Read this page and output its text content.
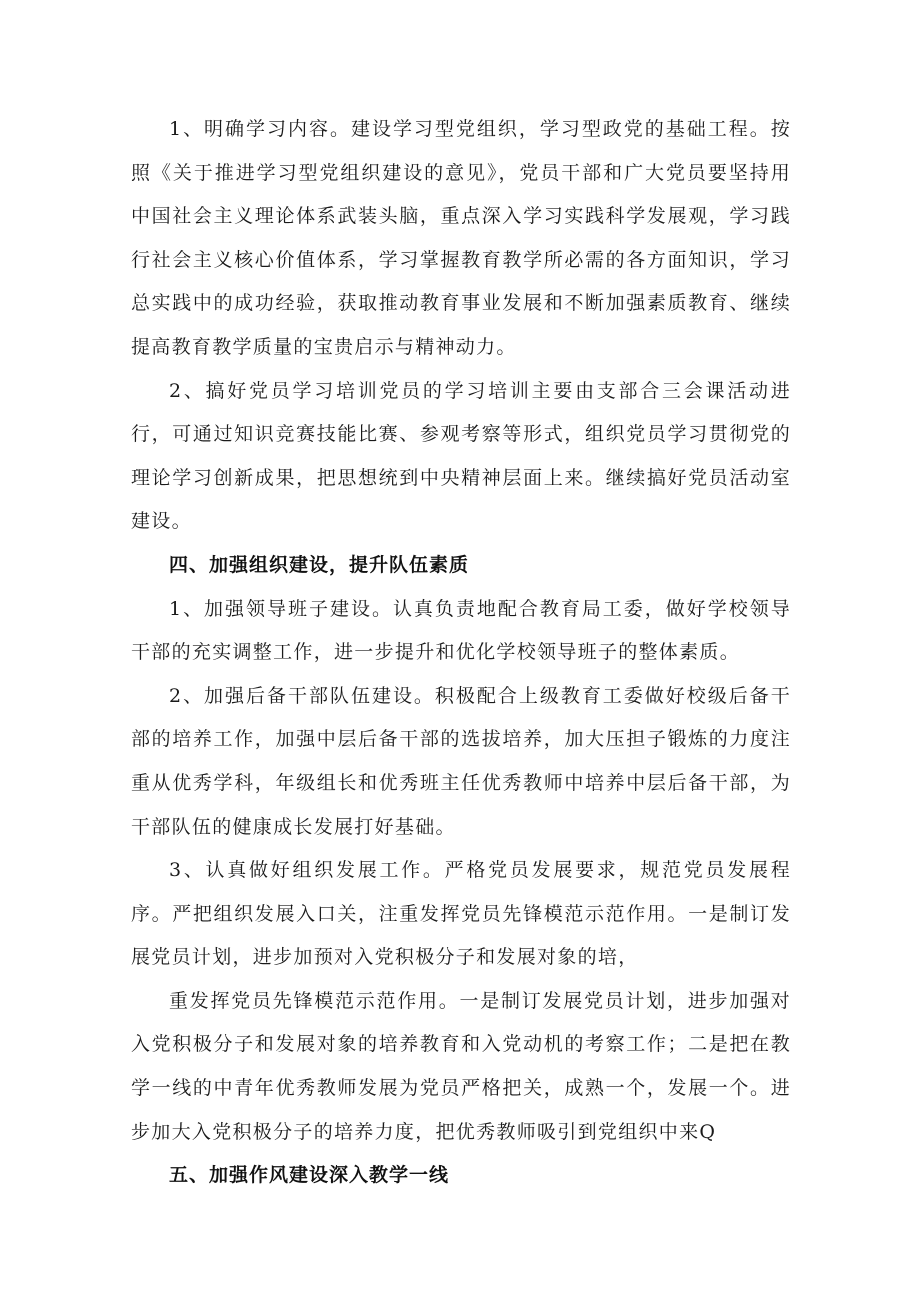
1、明确学习内容。建设学习型党组织，学习型政党的基础工程。按照《关于推进学习型党组织建设的意见》，党员干部和广大党员要坚持用中国社会主义理论体系武装头脑，重点深入学习实践科学发展观，学习践行社会主义核心价值体系，学习掌握教育教学所必需的各方面知识，学习总实践中的成功经验，获取推动教育事业发展和不断加强素质教育、继续提高教育教学质量的宝贵启示与精神动力。

2、搞好党员学习培训党员的学习培训主要由支部合三会课活动进行，可通过知识竞赛技能比赛、参观考察等形式，组织党员学习贯彻党的理论学习创新成果，把思想统到中央精神层面上来。继续搞好党员活动室建设。

四、加强组织建设，提升队伍素质

1、加强领导班子建设。认真负责地配合教育局工委，做好学校领导干部的充实调整工作，进一步提升和优化学校领导班子的整体素质。

2、加强后备干部队伍建设。积极配合上级教育工委做好校级后备干部的培养工作，加强中层后备干部的选拔培养，加大压担子锻炼的力度注重从优秀学科，年级组长和优秀班主任优秀教师中培养中层后备干部，为干部队伍的健康成长发展打好基础。

3、认真做好组织发展工作。严格党员发展要求，规范党员发展程序。严把组织发展入口关，注重发挥党员先锋模范示范作用。一是制订发展党员计划，进步加预对入党积极分子和发展对象的培，

重发挥党员先锋模范示范作用。一是制订发展党员计划，进步加强对入党积极分子和发展对象的培养教育和入党动机的考察工作；二是把在教学一线的中青年优秀教师发展为党员严格把关，成熟一个，发展一个。进步加大入党积极分子的培养力度，把优秀教师吸引到党组织中来Q

五、加强作风建设深入教学一线
